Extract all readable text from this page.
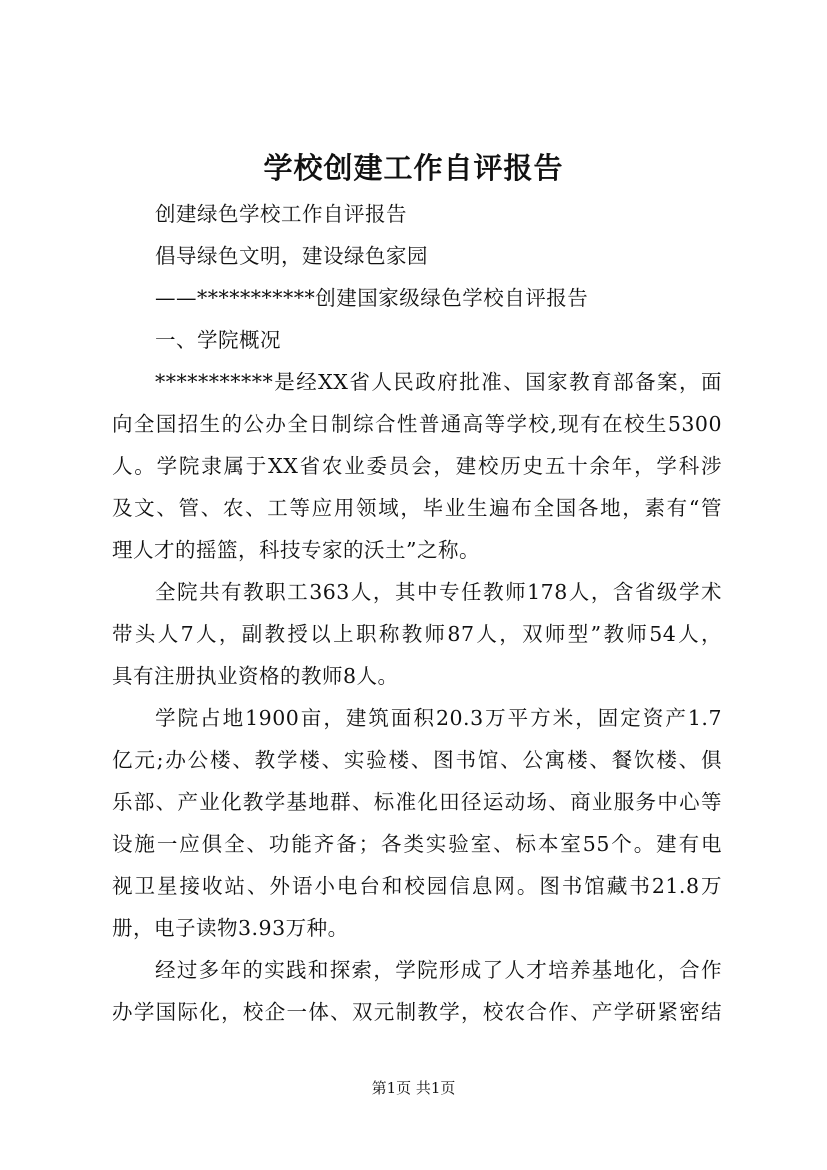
学校创建工作自评报告
创建绿色学校工作自评报告
倡导绿色文明，建设绿色家园
——***********创建国家级绿色学校自评报告
一、学院概况
***********是经XX省人民政府批准、国家教育部备案，面
向全国招生的公办全日制综合性普通高等学校,现有在校生5300
人。学院隶属于XX省农业委员会，建校历史五十余年，学科涉
及文、管、农、工等应用领域，毕业生遍布全国各地，素有“管
理人才的摇篮，科技专家的沃土”之称。
全院共有教职工363人，其中专任教师178人，含省级学术
带头人7人，副教授以上职称教师87人，双师型”教师54人，
具有注册执业资格的教师8人。
学院占地1900亩，建筑面积20.3万平方米，固定资产1.7
亿元;办公楼、教学楼、实验楼、图书馆、公寓楼、餐饮楼、俱
乐部、产业化教学基地群、标准化田径运动场、商业服务中心等
设施一应俱全、功能齐备；各类实验室、标本室55个。建有电
视卫星接收站、外语小电台和校园信息网。图书馆藏书21.8万
册，电子读物3.93万种。
经过多年的实践和探索，学院形成了人才培养基地化，合作
办学国际化，校企一体、双元制教学，校农合作、产学研紧密结
第1页 共1页
